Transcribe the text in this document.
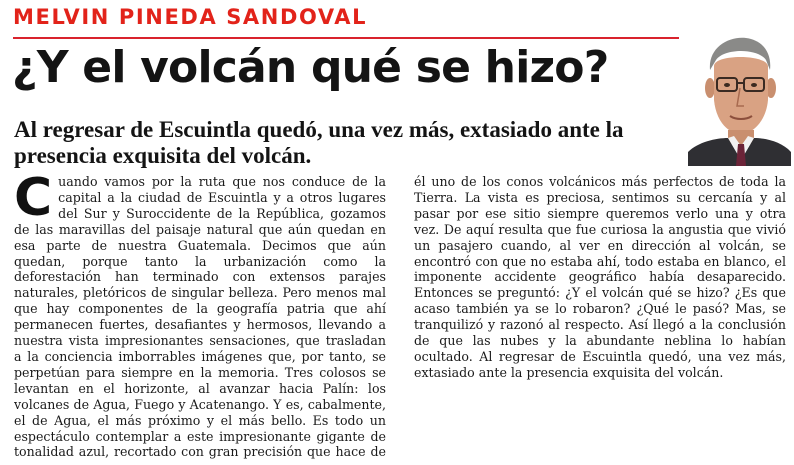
MELVIN PINEDA SANDOVAL
¿Y el volcán qué se hizo?
Al regresar de Escuintla quedó, una vez más, extasiado ante la presencia exquisita del volcán.

Cuando vamos por la ruta que nos conduce de la capital a la ciudad de Escuintla y a otros lugares del Sur y Suroccidente de la República, gozamos de las maravillas del paisaje natural que aún quedan en esa parte de nuestra Guatemala. Decimos que aún quedan, porque tanto la urbanización como la deforestación han terminado con extensos parajes naturales, pletóricos de singular belleza. Pero menos mal que hay componentes de la geografía patria que ahí permanecen fuertes, desafiantes y hermosos, llevando a nuestra vista impresionantes sensaciones, que trasladan a la conciencia imborrables imágenes que, por tanto, se perpetúan para siempre en la memoria. Tres colosos se levantan en el horizonte, al avanzar hacia Palín: los volcanes de Agua, Fuego y Acatenango. Y es, cabalmente, el de Agua, el más próximo y el más bello. Es todo un espectáculo contemplar a este impresionante gigante de tonalidad azul, recortado con gran precisión que hace de él uno de los conos volcánicos más perfectos de toda la Tierra. La vista es preciosa, sentimos su cercanía y al pasar por ese sitio siempre queremos verlo una y otra vez. De aquí resulta que fue curiosa la angustia que vivió un pasajero cuando, al ver en dirección al volcán, se encontró con que no estaba ahí, todo estaba en blanco, el imponente accidente geográfico había desaparecido. Entonces se preguntó: ¿Y el volcán qué se hizo? ¿Es que acaso también ya se lo robaron? ¿Qué le pasó? Mas, se tranquilizó y razonó al respecto. Así llegó a la conclusión de que las nubes y la abundante neblina lo habían ocultado. Al regresar de Escuintla quedó, una vez más, extasiado ante la presencia exquisita del volcán.
